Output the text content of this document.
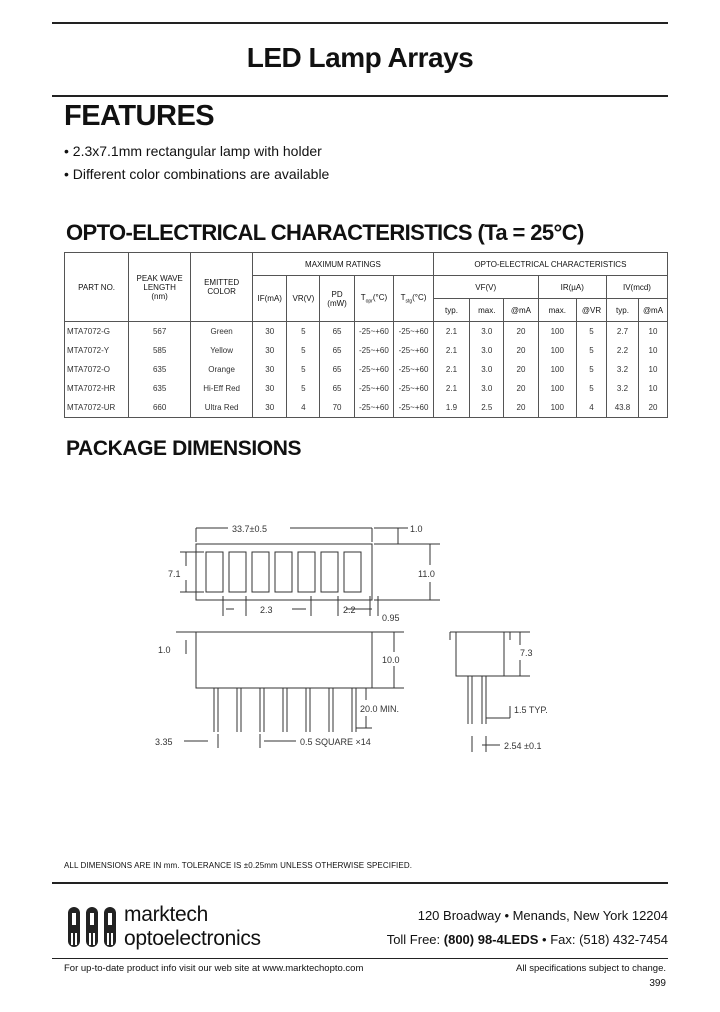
LED Lamp Arrays
FEATURES
• 2.3x7.1mm rectangular lamp with holder
• Different color combinations are available
OPTO-ELECTRICAL CHARACTERISTICS (Ta = 25°C)
PART NO.	PEAK WAVE
LENGTH
(nm)	EMITTED
COLOR	MAXIMUM RATINGS					OPTO-ELECTRICAL CHARACTERISTICS						
			IF(mA)	VR(V)	PD
(mW)	$T_{opr}(^\circ C)$	$T_{stg}(^\circ C)$	VF(V)			IR(µA)		IV(mcd)	
								typ.	max.	@mA	max.	@VR	typ.	@mA
MTA7072-G	567	Green	30	5	65	-25~+60	-25~+60	2.1	3.0	20	100	5	2.7	10
MTA7072-Y	585	Yellow	30	5	65	-25~+60	-25~+60	2.1	3.0	20	100	5	2.2	10
MTA7072-O	635	Orange	30	5	65	-25~+60	-25~+60	2.1	3.0	20	100	5	3.2	10
MTA7072-HR	635	Hi-Eff Red	30	5	65	-25~+60	-25~+60	2.1	3.0	20	100	5	3.2	10
MTA7072-UR	660	Ultra Red	30	4	70	-25~+60	-25~+60	1.9	2.5	20	100	4	43.8	20
PACKAGE DIMENSIONS
33.7±0.5	1.0
7.1	11.0
2.3	2.2
0.95
1.0
10.0
20.0 MIN.
3.35	0.5 SQUARE ×14
7.3
1.5 TYP.
2.54 ±0.1
ALL DIMENSIONS ARE IN mm. TOLERANCE IS ±0.25mm UNLESS OTHERWISE SPECIFIED.
marktech
optoelectronics
120 Broadway • Menands, New York 12204
Toll Free: (800) 98-4LEDS • Fax: (518) 432-7454
For up-to-date product info visit our web site at www.marktechopto.com	All specifications subject to change.
399
